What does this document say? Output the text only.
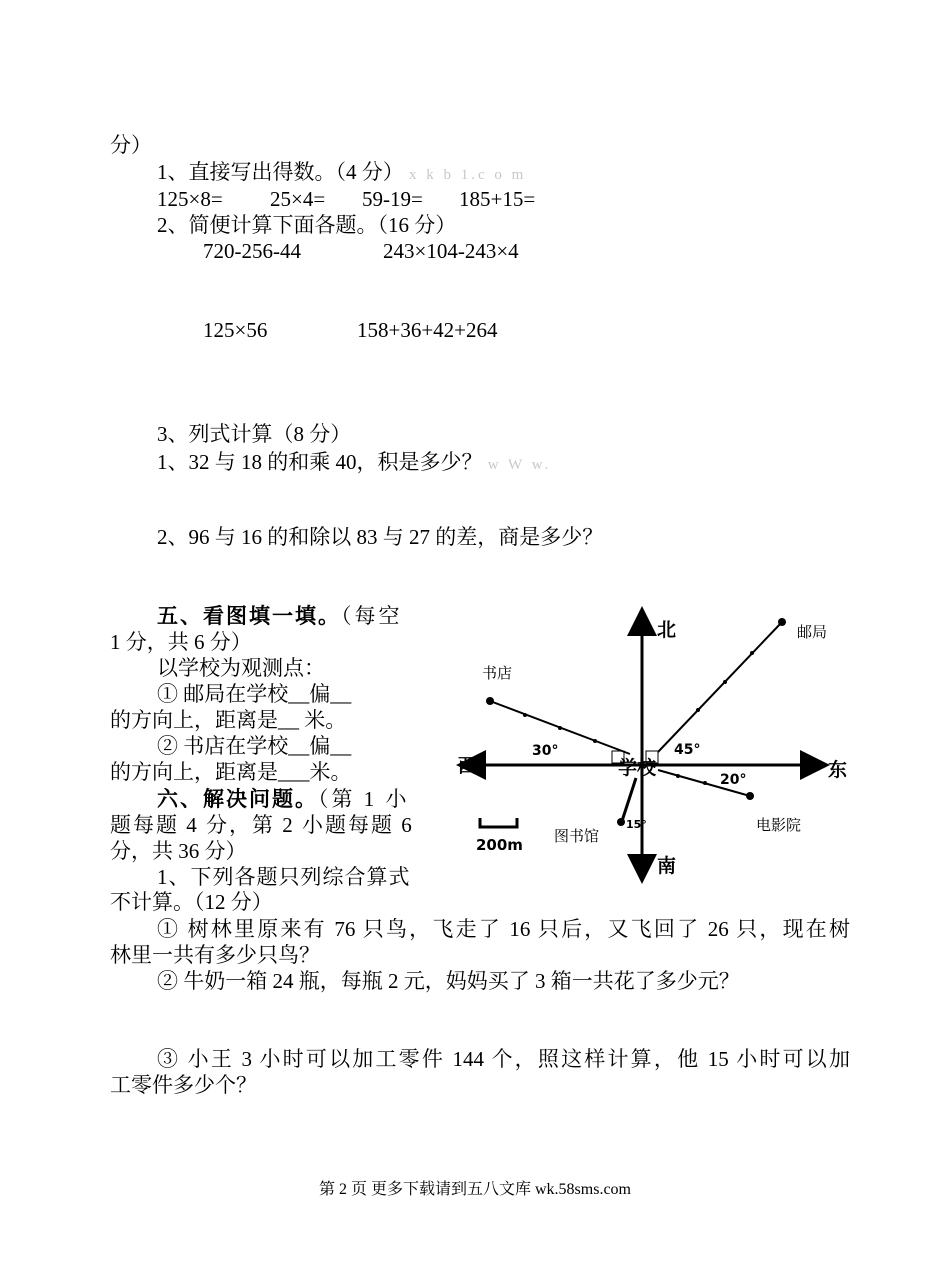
分）
1、直接写出得数。（4 分） x k b 1.c o m
125×8= 25×4= 59-19= 185+15=
2、简便计算下面各题。（16 分）
720-256-44	243×104-243×4
125×56	158+36+42+264
3、列式计算（8 分）
1、32 与 18 的和乘 40，积是多少？ w W w.
2、96 与 16 的和除以 83 与 27 的差，商是多少？
五、看图填一填。（每空
1 分，共 6 分）
以学校为观测点：
① 邮局在学校__偏__
的方向上，距离是__ 米。
② 书店在学校__偏__
的方向上，距离是___米。
六、解决问题。（第 1 小
题每题 4 分，第 2 小题每题 6
分，共 36 分）
1、下列各题只列综合算式
不计算。（12 分）
① 树林里原来有 76 只鸟，飞走了 16 只后，又飞回了 26 只，现在树
林里一共有多少只鸟？
② 牛奶一箱 24 瓶，每瓶 2 元，妈妈买了 3 箱一共花了多少元？
③ 小王 3 小时可以加工零件 144 个，照这样计算，他 15 小时可以加
工零件多少个？
北
南
东
西	学校
邮局
书店
电影院
图书馆
30°	45°
20°
15°
200m
第 2 页 更多下载请到五八文库 wk.58sms.com
